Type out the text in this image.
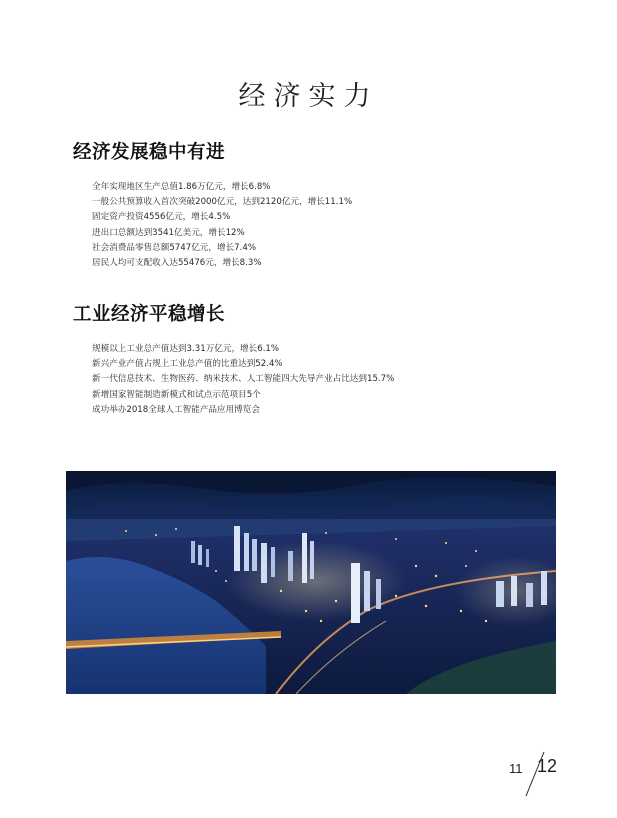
经济实力
经济发展稳中有进
全年实现地区生产总值1.86万亿元，增长6.8%
一般公共预算收入首次突破2000亿元，达到2120亿元，增长11.1%
固定资产投资4556亿元，增长4.5%
进出口总额达到3541亿美元，增长12%
社会消费品零售总额5747亿元，增长7.4%
居民人均可支配收入达55476元，增长8.3%
工业经济平稳增长
规模以上工业总产值达到3.31万亿元，增长6.1%
新兴产业产值占规上工业总产值的比重达到52.4%
新一代信息技术、生物医药、纳米技术、人工智能四大先导产业占比达到15.7%
新增国家智能制造新模式和试点示范项目5个
成功举办2018全球人工智能产品应用博览会
11 12
